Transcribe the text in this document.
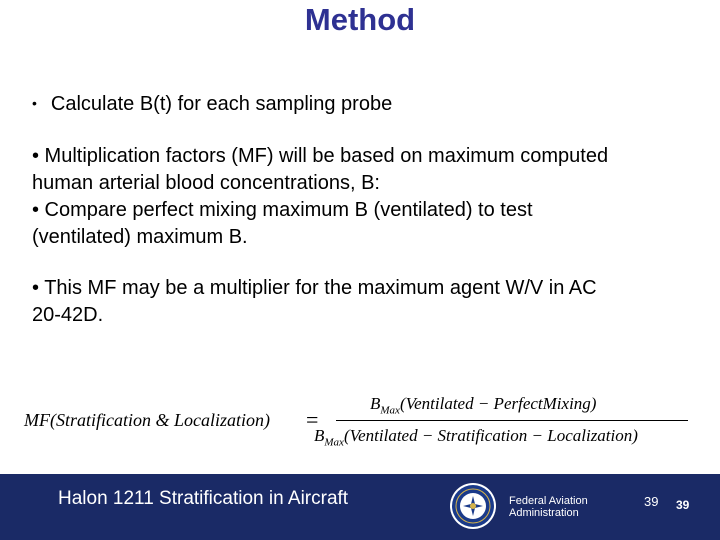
Method
• Calculate B(t) for each sampling probe

• Multiplication factors (MF) will be based on maximum computed

human arterial blood concentrations, B:

• Compare perfect mixing maximum B (ventilated) to test

(ventilated) maximum B.

• This MF may be a multiplier for the maximum agent W/V in AC

20-42D.

MF(Stratification & Localization) =
$B_{Max}(Ventilated$ − PerfectMixing)
$B_{Max}(Ventilated$ − Stratification − Localization)
Halon 1211 Stratification in Aircraft	Federal Aviation
Administration
39 39
